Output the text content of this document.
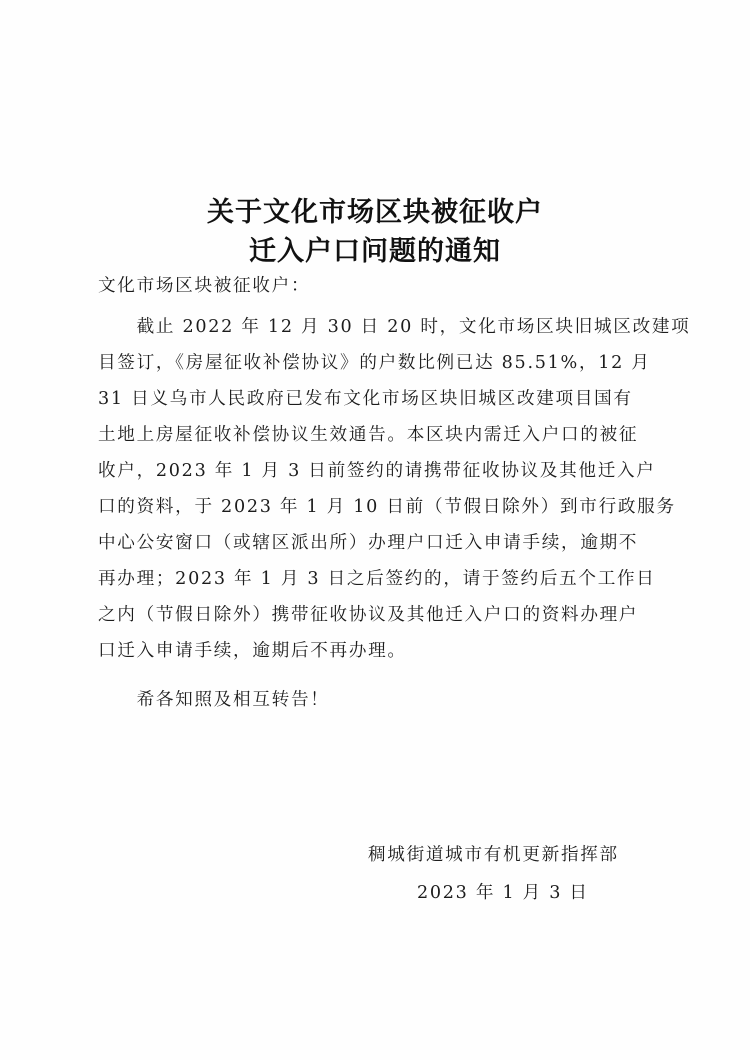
关于文化市场区块被征收户
迁入户口问题的通知
文化市场区块被征收户：
　　截止 2022 年 12 月 30 日 20 时，文化市场区块旧城区改建项
目签订，《房屋征收补偿协议》的户数比例已达 85.51%，12 月
31 日义乌市人民政府已发布文化市场区块旧城区改建项目国有
土地上房屋征收补偿协议生效通告。本区块内需迁入户口的被征
收户，2023 年 1 月 3 日前签约的请携带征收协议及其他迁入户
口的资料，于 2023 年 1 月 10 日前（节假日除外）到市行政服务
中心公安窗口（或辖区派出所）办理户口迁入申请手续，逾期不
再办理；2023 年 1 月 3 日之后签约的，请于签约后五个工作日
之内（节假日除外）携带征收协议及其他迁入户口的资料办理户
口迁入申请手续，逾期后不再办理。
　　希各知照及相互转告！
稠城街道城市有机更新指挥部
2023 年 1 月 3 日
